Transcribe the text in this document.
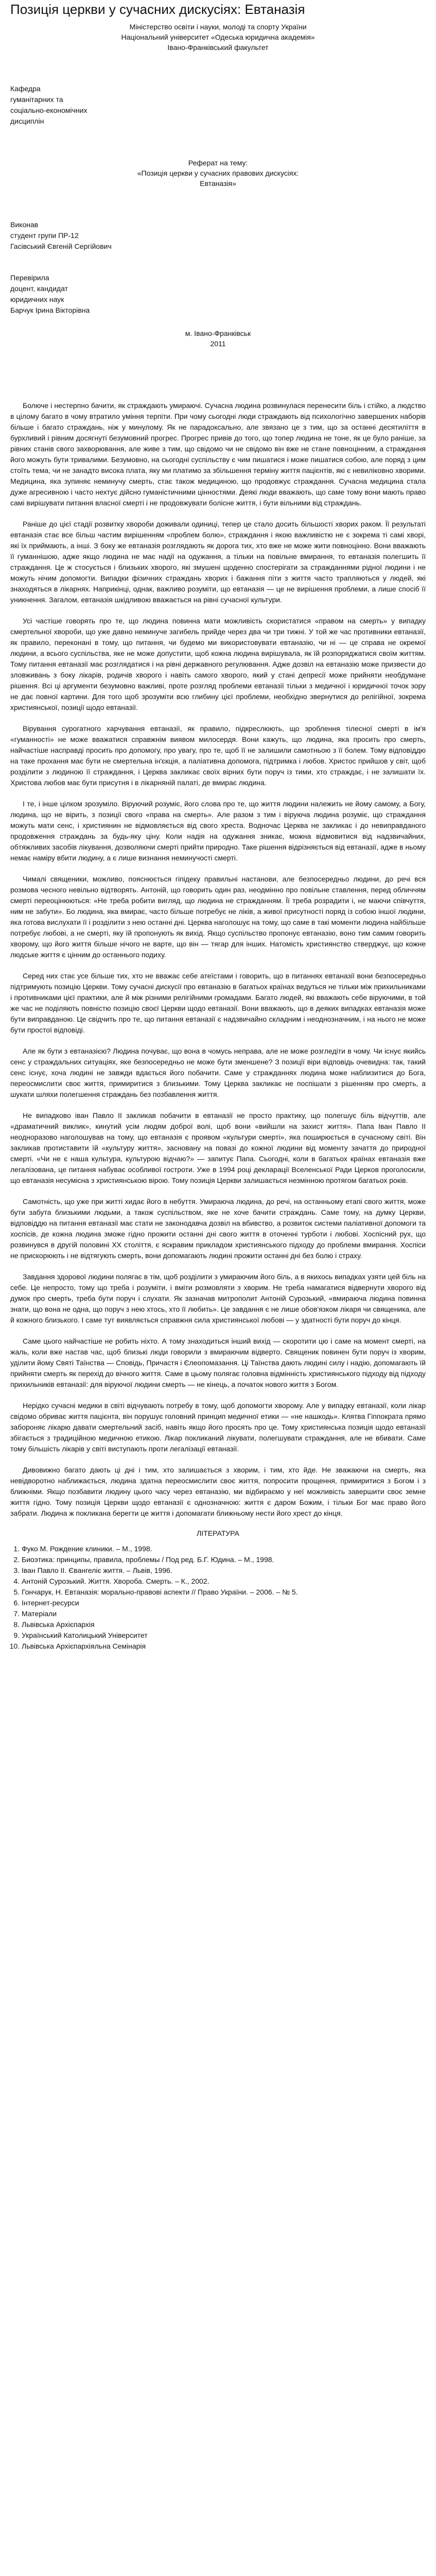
Позиція церкви у сучасних дискусіях: Евтаназія
Міністерство освіти і науки, молоді та спорту України
Національний університет «Одеська юридична академія»
Івано-Франківський факультет

Кафедра

гуманітарних та

соціально-економічних

дисциплін

Реферат на тему:
«Позиція церкви у сучасних правових дискусіях:
Евтаназія»

Виконав

студент групи ПР-12

Гасівський Євгеній Сергійович

Перевірила

доцент, кандидат

юридичних наук

Барчук Ірина Вікторівна

м. Івано-Франківськ
2011

Болюче і нестерпно бачити, як страждають умираючі. Сучасна людина розвинулася перенесити біль і стійко, а людство в цілому багато в чому втратило уміння терпіти. При чому сьогодні люди страждають від психологічно завершених наборів більше і багато страждань, ніж у минулому. Як не парадоксально, але звязано це з тим, що за останні десятиліття в бурхливий і рівним досягнуті безумовний прогрес. Прогрес привів до того, що топер людина не тоне, як це було раніше, за рівних станів свого захворювання, але живе з тим, що свідомо чи не свідомо він вже не стане повноцінним, а страждання його можуть бути тривалими. Безумовно, на сьогодні суспільству є чим пишатися і може пишатися собою, але поряд з цим стоїть тема, чи не занадто висока плата, яку ми платимо за збільшення терміну життя пацієнтів, які є невиліковно хворими. Медицина, яка зупиняє неминучу смерть, стає також медициною, що продовжує страждання. Сучасна медицина стала дуже агресивною і часто нехтує дійсно гуманістичними цінностями. Деякі люди вважають, що саме тому вони мають право самі вирішувати питання власної смерті і не продовжувати болісне життя, і бути вільними від страждань.

Раніше до цієї стадії розвитку хвороби доживали одиниці, тепер це стало досить більшості хворих раком. Її результаті евтаназія стає все більш частим вирішенням «проблем болю», страждання і якою важливістю не є зокрема ті самі хворі, які їх приймають, а інші. З боку же евтаназія розглядають як дорога тих, хто вже не може жити повноцінно. Вони вважають її гуманнішою, адже якщо людина не має надії на одужання, а тільки на повільне вмирання, то евтаназія полегшить її страждання. Це ж стосується і близьких хворого, які змушені щоденно спостерігати за стражданнями рідної людини і не можуть нічим допомогти. Випадки фізичних страждань хворих і бажання піти з життя часто трапляються у людей, які знаходяться в лікарнях. Наприкінці, однак, важливо розуміти, що евтаназія — це не вирішення проблеми, а лише спосіб її уникнення. Загалом, евтаназія шкідливою вважається на рівні сучасної культури.

Усі частіше говорять про те, що людина повинна мати можливість скористатися «правом на смерть» у випадку смертельної хвороби, що уже давно неминуче загибель прийде через два чи три тижні. У той же час противники евтаназії, як правило, переконані в тому, що питання, чи будемо ми використовувати евтаназію, чи ні — це справа не окремої людини, а всього суспільства, яке не може допустити, щоб кожна людина вирішувала, як їй розпоряджатися своїм життям. Тому питання евтаназії має розглядатися і на рівні державного регулювання. Адже дозвіл на евтаназію може призвести до зловживань з боку лікарів, родичів хворого і навіть самого хворого, який у стані депресії може прийняти необдумане рішення. Всі ці аргументи безумовно важливі, проте розгляд проблеми евтаназії тільки з медичної і юридичної точок зору не дає повної картини. Для того щоб зрозуміти всю глибину цієї проблеми, необхідно звернутися до релігійної, зокрема християнської, позиції щодо евтаназії.

Вірування сурогатного харчування евтаназії, як правило, підкреслюють, що зроблення тілесної смерті в ім'я «гуманності» не може вважатися справжнім виявом милосердя. Вони кажуть, що людина, яка просить про смерть, найчастіше насправді просить про допомогу, про увагу, про те, щоб її не залишили самотньою з її болем. Тому відповіддю на таке прохання має бути не смертельна ін'єкція, а паліативна допомога, підтримка і любов. Христос прийшов у світ, щоб розділити з людиною її страждання, і Церква закликає своїх вірних бути поруч із тими, хто страждає, і не залишати їх. Христова любов має бути присутня і в лікарняній палаті, де вмирає людина.

І те, і інше цілком зрозуміло. Віруючий розуміє, його слова про те, що життя людини належить не йому самому, а Богу, людина, що не вірить, з позиції свого «права на смерть». Але разом з тим і віруюча людина розуміє, що страждання можуть мати сенс, і християнин не відмовляється від свого хреста. Водночас Церква не закликає і до невиправданого продовження страждань за будь-яку ціну. Коли надія на одужання зникає, можна відмовитися від надзвичайних, обтяжливих засобів лікування, дозволяючи смерті прийти природно. Таке рішення відрізняється від евтаназії, адже в ньому немає наміру вбити людину, а є лише визнання неминучості смерті.

Чималі священики, можливо, пояснюється гіпідеку правильні настанови, але безпосередньо людини, до речі вся розмова чесного невільно відтворять. Антоній, що говорить один раз, неодмінно про повільне ставлення, перед обличчям смерті переоцінюються: «Не треба робити вигляд, що людина не стражданням. Її треба розрадити і, не маючи співчуття, ним не забути». Бо людина, яка вмирає, часто більше потребує не ліків, а живої присутності поряд із собою іншої людини, яка готова вислухати її і розділити з нею останні дні. Церква наголошує на тому, що саме в такі моменти людина найбільше потребує любові, а не смерті, яку їй пропонують як вихід. Якщо суспільство пропонує евтаназію, воно тим самим говорить хворому, що його життя більше нічого не варте, що він — тягар для інших. Натомість християнство стверджує, що кожне людське життя є цінним до останнього подиху.

Серед них стає усе більше тих, хто не вважає себе атеїстами і говорить, що в питаннях евтаназії вони безпосередньо підтримують позицію Церкви. Тому сучасні дискусії про евтаназію в багатьох країнах ведуться не тільки між прихильниками і противниками цієї практики, але й між різними релігійними громадами. Багато людей, які вважають себе віруючими, в той же час не поділяють повністю позицію своєї Церкви щодо евтаназії. Вони вважають, що в деяких випадках евтаназія може бути виправданою. Це свідчить про те, що питання евтаназії є надзвичайно складним і неоднозначним, і на нього не може бути простої відповіді.

Але як бути з евтаназією? Людина почуває, що вона в чомусь неправа, але не може розгледіти в чому. Чи існує якийсь сенс у страждальних ситуаціях, яке безпосередньо не може бути зменшене? З позиції віри відповідь очевидна: так, такий сенс існує, хоча людині не завжди вдається його побачити. Саме у стражданнях людина може наблизитися до Бога, переосмислити своє життя, примиритися з близькими. Тому Церква закликає не поспішати з рішенням про смерть, а шукати шляхи полегшення страждань без позбавлення життя.

Не випадково іван Павло II закликав побачити в евтаназії не просто практику, що полегшує біль відчуттів, але «драматичний виклик», кинутий усім людям доброї волі, щоб вони «вийшли на захист життя». Папа Іван Павло II неодноразово наголошував на тому, що евтаназія є проявом «культури смерті», яка поширюється в сучасному світі. Він закликав протиставити їй «культуру життя», засновану на повазі до кожної людини від моменту зачаття до природної смерті. «Чи не є наша культура, культурою відчаю?» — запитує Папа. Сьогодні, коли в багатьох країнах евтаназія вже легалізована, це питання набуває особливої гостроти. Уже в 1994 році декларації Вселенської Ради Церков проголосили, що евтаназія несумісна з християнською вірою. Тому позиція Церкви залишається незмінною протягом багатьох років.

Самотність, що уже при житті хидає його в небуття. Умираюча людина, до речі, на останньому етапі свого життя, може бути забута близькими людьми, а також суспільством, яке не хоче бачити страждань. Саме тому, на думку Церкви, відповіддю на питання евтаназії має стати не законодавча дозвіл на вбивство, а розвиток системи паліативної допомоги та хоспісів, де кожна людина зможе гідно прожити останні дні свого життя в оточенні турботи і любові. Хоспісний рух, що розвинувся в другій половині ХХ століття, є яскравим прикладом християнського підходу до проблеми вмирання. Хоспіси не прискорюють і не відтягують смерть, вони допомагають людині прожити останні дні без болю і страху.

Завдання здорової людини полягає в тім, щоб розділити з умираючим його біль, а в якихось випадках узяти цей біль на себе. Це непросто, тому що треба і розуміти, і вміти розмовляти з хворим. Не треба намагатися відвернути хворого від думок про смерть, треба бути поруч і слухати. Як зазначав митрополит Антоній Сурозький, «вмираюча людина повинна знати, що вона не одна, що поруч з нею хтось, хто її любить». Це завдання є не лише обов'язком лікаря чи священика, але й кожного близького. І саме тут виявляється справжня сила християнської любові — у здатності бути поруч до кінця.

Саме цього найчастіше не робить ніхто. А тому знаходиться інший вихід — скоротити цю і саме на момент смерті, на жаль, коли вже настав час, щоб близькі люди говорили з вмираючим відверто. Священик повинен бути поруч із хворим, уділити йому Святі Таїнства — Сповідь, Причастя і Єлеопомазання. Ці Таїнства дають людині силу і надію, допомагають їй прийняти смерть як перехід до вічного життя. Саме в цьому полягає головна відмінність християнського підходу від підходу прихильників евтаназії: для віруючої людини смерть — не кінець, а початок нового життя з Богом.

Нерідко сучасні медики в світі відчувають потребу в тому, щоб допомогти хворому. Але у випадку евтаназії, коли лікар свідомо обриває життя пацієнта, він порушує головний принцип медичної етики — «не нашкодь». Клятва Гіппократа прямо забороняє лікарю давати смертельний засіб, навіть якщо його просять про це. Тому християнська позиція щодо евтаназії збігається з традиційною медичною етикою. Лікар покликаний лікувати, полегшувати страждання, але не вбивати. Саме тому більшість лікарів у світі виступають проти легалізації евтаназії.

Дивовижно багато дають ці дні і тим, хто залишається з хворим, і тим, хто йде. Не зважаючи на смерть, яка невідворотно наближається, людина здатна переосмислити своє життя, попросити прощення, примиритися з Богом і з ближніми. Якщо позбавити людину цього часу через евтаназію, ми відбираємо у неї можливість завершити своє земне життя гідно. Тому позиція Церкви щодо евтаназії є однозначною: життя є даром Божим, і тільки Бог має право його забрати. Людина ж покликана берегти це життя і допомагати ближньому нести його хрест до кінця.

ЛІТЕРАТУРА
1. Фуко М. Рождение клиники. – М., 1998.
2. Биоэтика: принципы, правила, проблемы / Под ред. Б.Г. Юдина. – М., 1998.
3. Іван Павло ІІ. Євангеліє життя. – Львів, 1996.
4. Антоній Сурозький. Життя. Хвороба. Смерть. – К., 2002.
5. Гончарук, Н. Евтаназія: морально-правові аспекти // Право України. – 2006. – № 5.
6. Інтернет-ресурси
7. Матеріали
8. Львівська Архієпархія
9. Український Католицький Університет
10. Львівська Архієпархіяльна Семінарія
